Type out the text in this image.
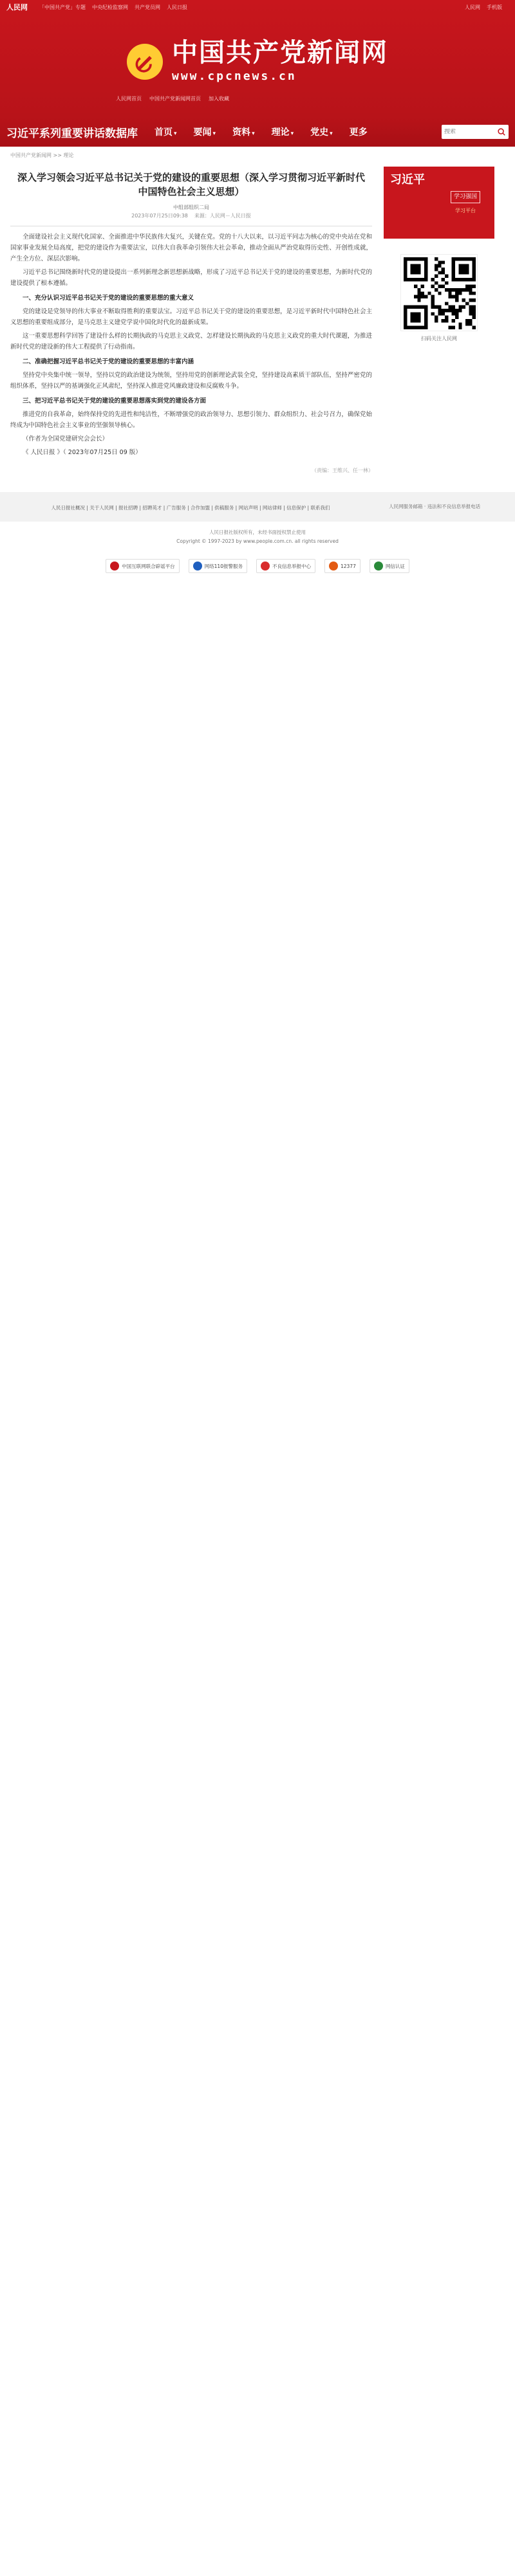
人民网 「中国共产党」专题 中央纪检监察网 共产党员网 人民日报	人民网 手机版
中国共产党新闻网
www.cpcnews.cn
人民网首页 中国共产党新闻网首页 加入收藏
习近平系列重要讲话数据库 首页 ▾ 要闻 ▾ 资料 ▾ 理论 ▾ 党史 ▾ 更多
搜索
中国共产党新闻网 >> 理论
深入学习领会习近平总书记关于党的建设的重要思想（深入学习贯彻习近平新时代中国特色社会主义思想）
中组部组织二局
2023年07月25日09:38 来源：人民网－人民日报

全面建设社会主义现代化国家、全面推进中华民族伟大复兴，关键在党。党的十八大以来，以习近平同志为核心的党中央站在党和国家事业发展全局高度，把党的建设作为重要法宝，以伟大自我革命引领伟大社会革命，推动全面从严治党取得历史性、开创性成就，产生全方位、深层次影响。

习近平总书记围绕新时代党的建设提出一系列新理念新思想新战略，形成了习近平总书记关于党的建设的重要思想，为新时代党的建设提供了根本遵循。

一、充分认识习近平总书记关于党的建设的重要思想的重大意义

党的建设是党领导的伟大事业不断取得胜利的重要法宝。习近平总书记关于党的建设的重要思想，是习近平新时代中国特色社会主义思想的重要组成部分，是马克思主义建党学说中国化时代化的最新成果。

这一重要思想科学回答了建设什么样的长期执政的马克思主义政党、怎样建设长期执政的马克思主义政党的重大时代课题，为推进新时代党的建设新的伟大工程提供了行动指南。

二、准确把握习近平总书记关于党的建设的重要思想的丰富内涵

坚持党中央集中统一领导，坚持以党的政治建设为统领，坚持用党的创新理论武装全党，坚持建设高素质干部队伍，坚持严密党的组织体系，坚持以严的基调强化正风肃纪，坚持深入推进党风廉政建设和反腐败斗争。

三、把习近平总书记关于党的建设的重要思想落实到党的建设各方面

推进党的自我革命，始终保持党的先进性和纯洁性，不断增强党的政治领导力、思想引领力、群众组织力、社会号召力，确保党始终成为中国特色社会主义事业的坚强领导核心。

（作者为全国党建研究会会长）

《 人民日报 》（ 2023年07月25日 09 版）

习近平
学习强国
学习平台
扫码关注人民网
（责编：王维兴、任一林）
人民日报社概况 | 关于人民网 | 报社招聘 | 招聘英才 | 广告服务 | 合作加盟 | 供稿服务 | 网站声明 | 网站律师 | 信息保护 | 联系我们	人民网服务邮箱 · 违法和不良信息举报电话
人民日报社版权所有，未经书面授权禁止使用
Copyright © 1997-2023 by www.people.com.cn. all rights reserved
中国互联网联合辟谣平台	网络110报警服务	不良信息举报中心	12377	网信认证
